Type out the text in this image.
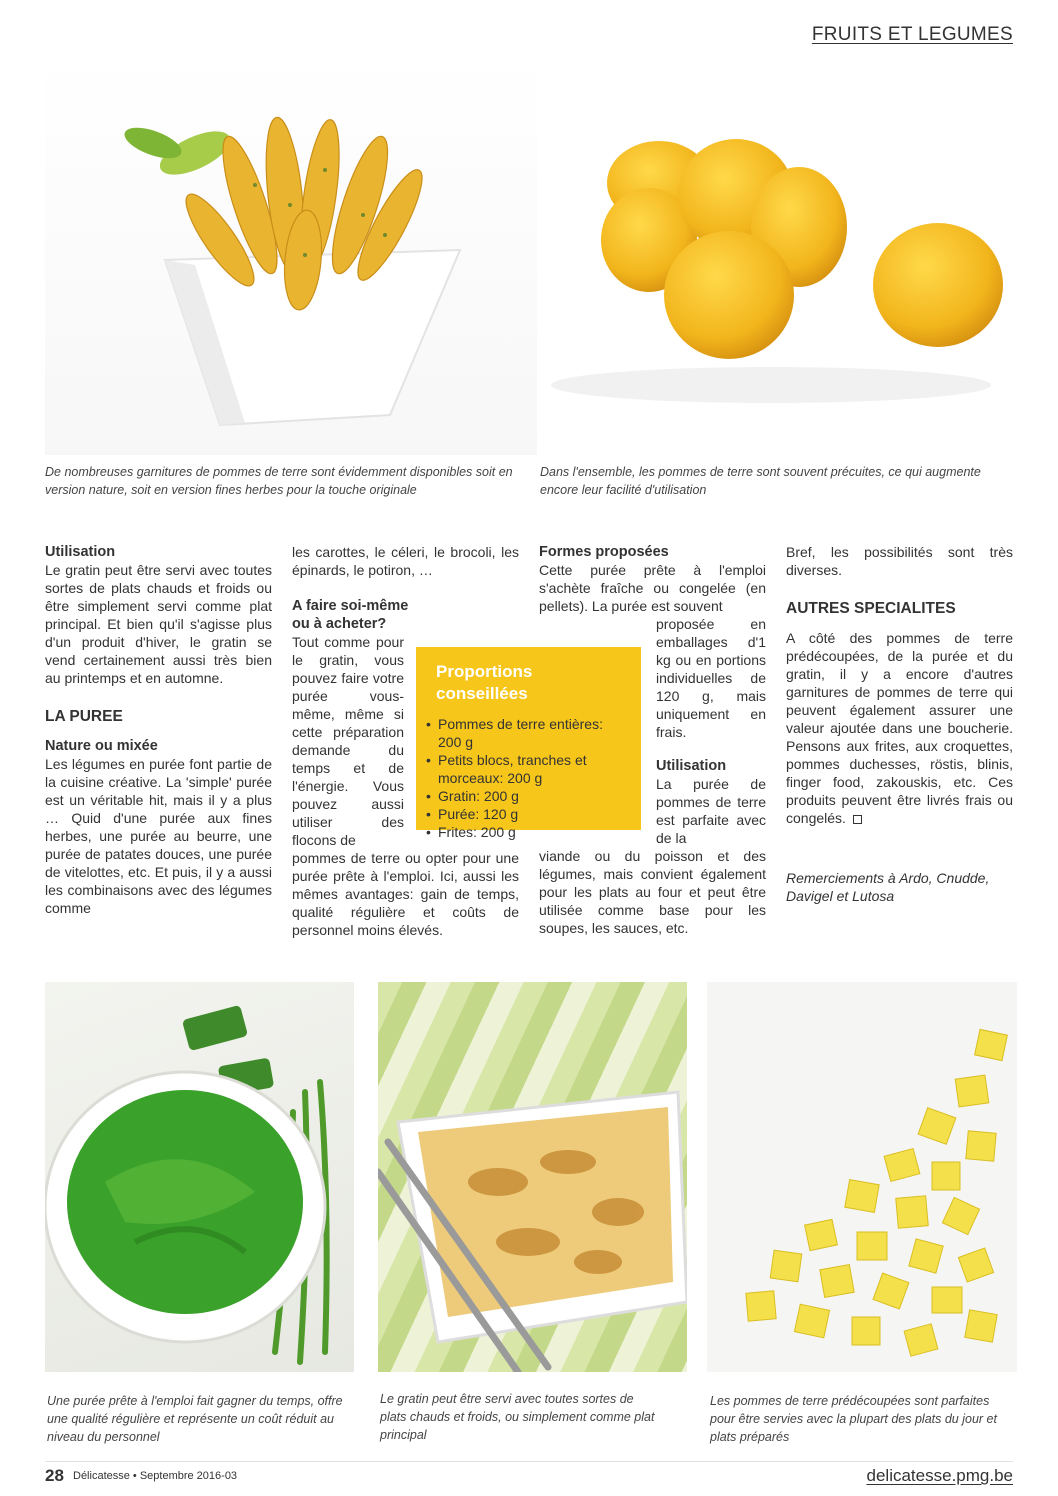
FRUITS ET LEGUMES
De nombreuses garnitures de pommes de terre sont évidemment disponibles soit en version nature, soit en version fines herbes pour la touche originale
Dans l'ensemble, les pommes de terre sont souvent précuites, ce qui augmente encore leur facilité d'utilisation
Utilisation

Le gratin peut être servi avec toutes sortes de plats chauds et froids ou être simplement servi comme plat principal. Et bien qu'il s'agisse plus d'un produit d'hiver, le gratin se vend certainement aussi très bien au printemps et en automne.

LA PUREE
Nature ou mixée

Les légumes en purée font partie de la cuisine créative. La 'simple' purée est un véritable hit, mais il y a plus … Quid d'une purée aux fines herbes, une purée au beurre, une purée de patates douces, une purée de vitelottes, etc. Et puis, il y a aussi les combinaisons avec des légumes comme

les carottes, le céleri, le brocoli, les épinards, le potiron, …

A faire soi-même ou à acheter?

Tout comme pour le gratin, vous pouvez faire votre purée vous-même, même si cette préparation demande du temps et de l'énergie. Vous pouvez aussi utiliser des flocons de

pommes de terre ou opter pour une purée prête à l'emploi. Ici, aussi les mêmes avantages: gain de temps, qualité régulière et coûts de personnel moins élevés.

Formes proposées

Cette purée prête à l'emploi s'achète fraîche ou congelée (en pellets). La purée est souvent

proposée en emballages d'1 kg ou en portions individuelles de 120 g, mais uniquement en frais.

Utilisation

La purée de pommes de terre est parfaite avec de la

viande ou du poisson et des légumes, mais convient également pour les plats au four et peut être utilisée comme base pour les soupes, les sauces, etc.

Bref, les possibilités sont très diverses.

AUTRES SPECIALITES

A côté des pommes de terre prédécoupées, de la purée et du gratin, il y a encore d'autres garnitures de pommes de terre qui peuvent également assurer une valeur ajoutée dans une boucherie. Pensons aux frites, aux croquettes, pommes duchesses, röstis, blinis, finger food, zakouskis, etc. Ces produits peuvent être livrés frais ou congelés.

Remerciements à Ardo, Cnudde, Davigel et Lutosa

Proportions conseillées
• Pommes de terre entières: 200 g
• Petits blocs, tranches et morceaux: 200 g
• Gratin: 200 g
• Purée: 120 g
• Frites: 200 g
Une purée prête à l'emploi fait gagner du temps, offre une qualité régulière et représente un coût réduit au niveau du personnel
Le gratin peut être servi avec toutes sortes de plats chauds et froids, ou simplement comme plat principal
Les pommes de terre prédécoupées sont parfaites pour être servies avec la plupart des plats du jour et plats préparés
28 Délicatesse • Septembre 2016-03	delicatesse.pmg.be
